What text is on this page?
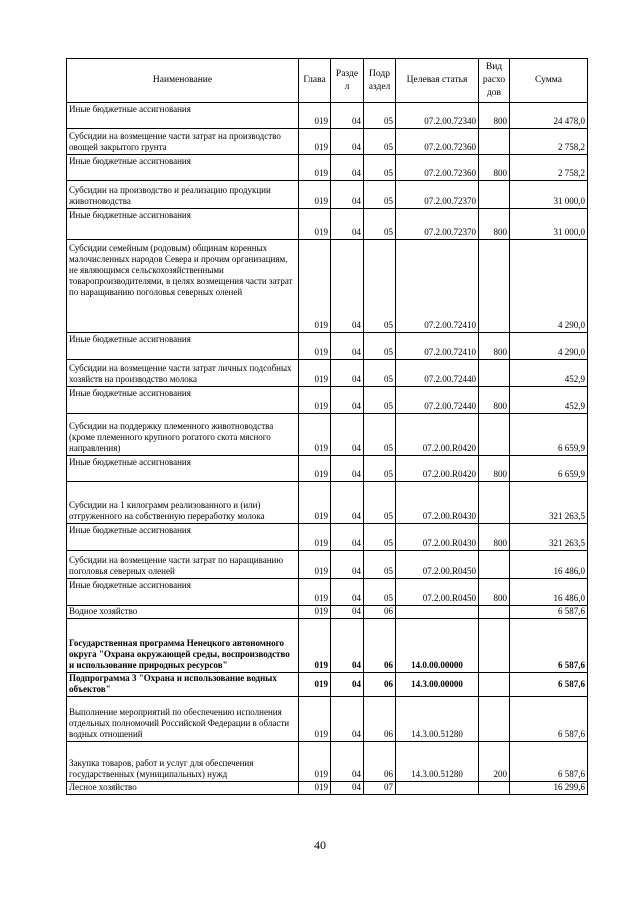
Наименование	Глава	Разде л	Подр аздел	Целевая статья	Вид расхо дов	Сумма
Иные бюджетные ассигнования	019	04	05	07.2.00.72340	800	24 478,0
Субсидии на возмещение части затрат на производство овощей закрытого грунта	019	04	05	07.2.00.72360		2 758,2
Иные бюджетные ассигнования	019	04	05	07.2.00.72360	800	2 758,2
Субсидии на производство и реализацию продукции животноводства	019	04	05	07.2.00.72370		31 000,0
Иные бюджетные ассигнования	019	04	05	07.2.00.72370	800	31 000,0
Субсидии семейным (родовым) общинам коренных малочисленных народов Севера и прочим организациям, не являющимся сельскохозяйственными товаропроизводителями, в целях возмещения части затрат по наращиванию поголовья северных оленей	019	04	05	07.2.00.72410		4 290,0
Иные бюджетные ассигнования	019	04	05	07.2.00.72410	800	4 290,0
Субсидии на возмещение части затрат личных подсобных хозяйств на производство молока	019	04	05	07.2.00.72440		452,9
Иные бюджетные ассигнования	019	04	05	07.2.00.72440	800	452,9
Субсидии на поддержку племенного животноводства (кроме племенного крупного рогатого скота мясного направления)	019	04	05	07.2.00.R0420		6 659,9
Иные бюджетные ассигнования	019	04	05	07.2.00.R0420	800	6 659,9
Субсидии на 1 килограмм реализованного и (или) отгруженного на собственную переработку молока	019	04	05	07.2.00.R0430		321 263,5
Иные бюджетные ассигнования	019	04	05	07.2.00.R0430	800	321 263,5
Субсидии на возмещение части затрат по наращиванию поголовья северных оленей	019	04	05	07.2.00.R0450		16 486,0
Иные бюджетные ассигнования	019	04	05	07.2.00.R0450	800	16 486,0
Водное хозяйство	019	04	06			6 587,6
Государственная программа Ненецкого автономного округа "Охрана окружающей среды, воспроизводство и использование природных ресурсов"	019	04	06	14.0.00.00000		6 587,6
Подпрограмма 3 "Охрана и использование водных объектов"	019	04	06	14.3.00.00000		6 587,6
Выполнение мероприятий по обеспечению исполнения отдельных полномочий Российской Федерации в области водных отношений	019	04	06	14.3.00.51280		6 587,6
Закупка товаров, работ и услуг для обеспечения государственных (муниципальных) нужд	019	04	06	14.3.00.51280	200	6 587,6
Лесное хозяйство	019	04	07			16 299,6
40
